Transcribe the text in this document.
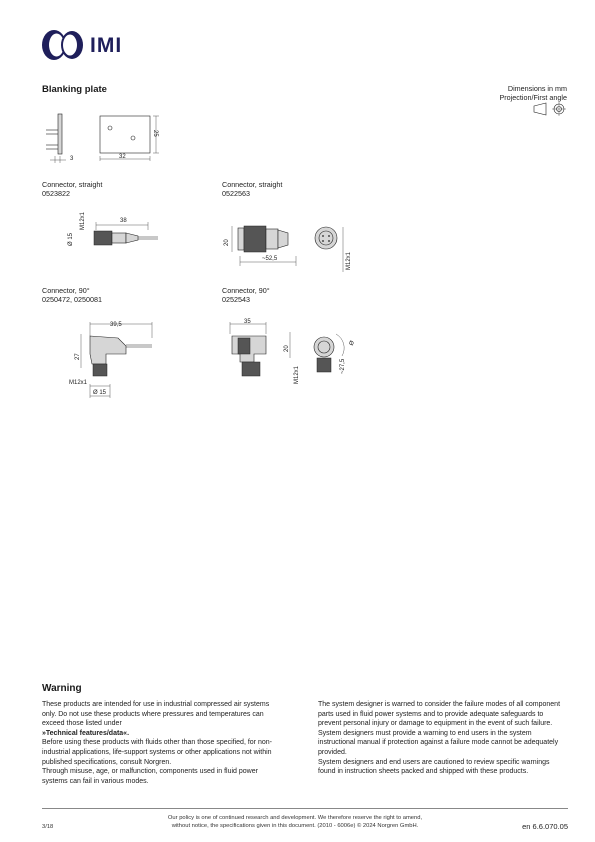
IMI
Blanking plate	Dimensions in mm
Projection/First angle
3	32
25
Connector, straight
0523822
38
M12x1
Ø 15
Connector, straight
0522563
20
~52,5	M12x1
Connector, 90°
0250472, 0250081
39,5
27
M12x1
Ø 15
Connector, 90°
0252543
35
20
M12x1	~27,5
Ø
Warning

These products are intended for use in industrial compressed air systems only. Do not use these products where pressures and temperatures can exceed those listed under

»Technical features/data«.

Before using these products with fluids other than those specified, for non-industrial applications, life-support systems or other applications not within published specifications, consult Norgren.

Through misuse, age, or malfunction, components used in fluid power systems can fail in various modes.

The system designer is warned to consider the failure modes of all component parts used in fluid power systems and to provide adequate safeguards to prevent personal injury or damage to equipment in the event of such failure.

System designers must provide a warning to end users in the system instructional manual if protection against a failure mode cannot be adequately provided.

System designers and end users are cautioned to review specific warnings found in instruction sheets packed and shipped with these products.

3/18
Our policy is one of continued research and development. We therefore reserve the right to amend,
without notice, the specifications given in this document. (2010 - 6006e) © 2024 Norgren GmbH.	en 6.6.070.05
